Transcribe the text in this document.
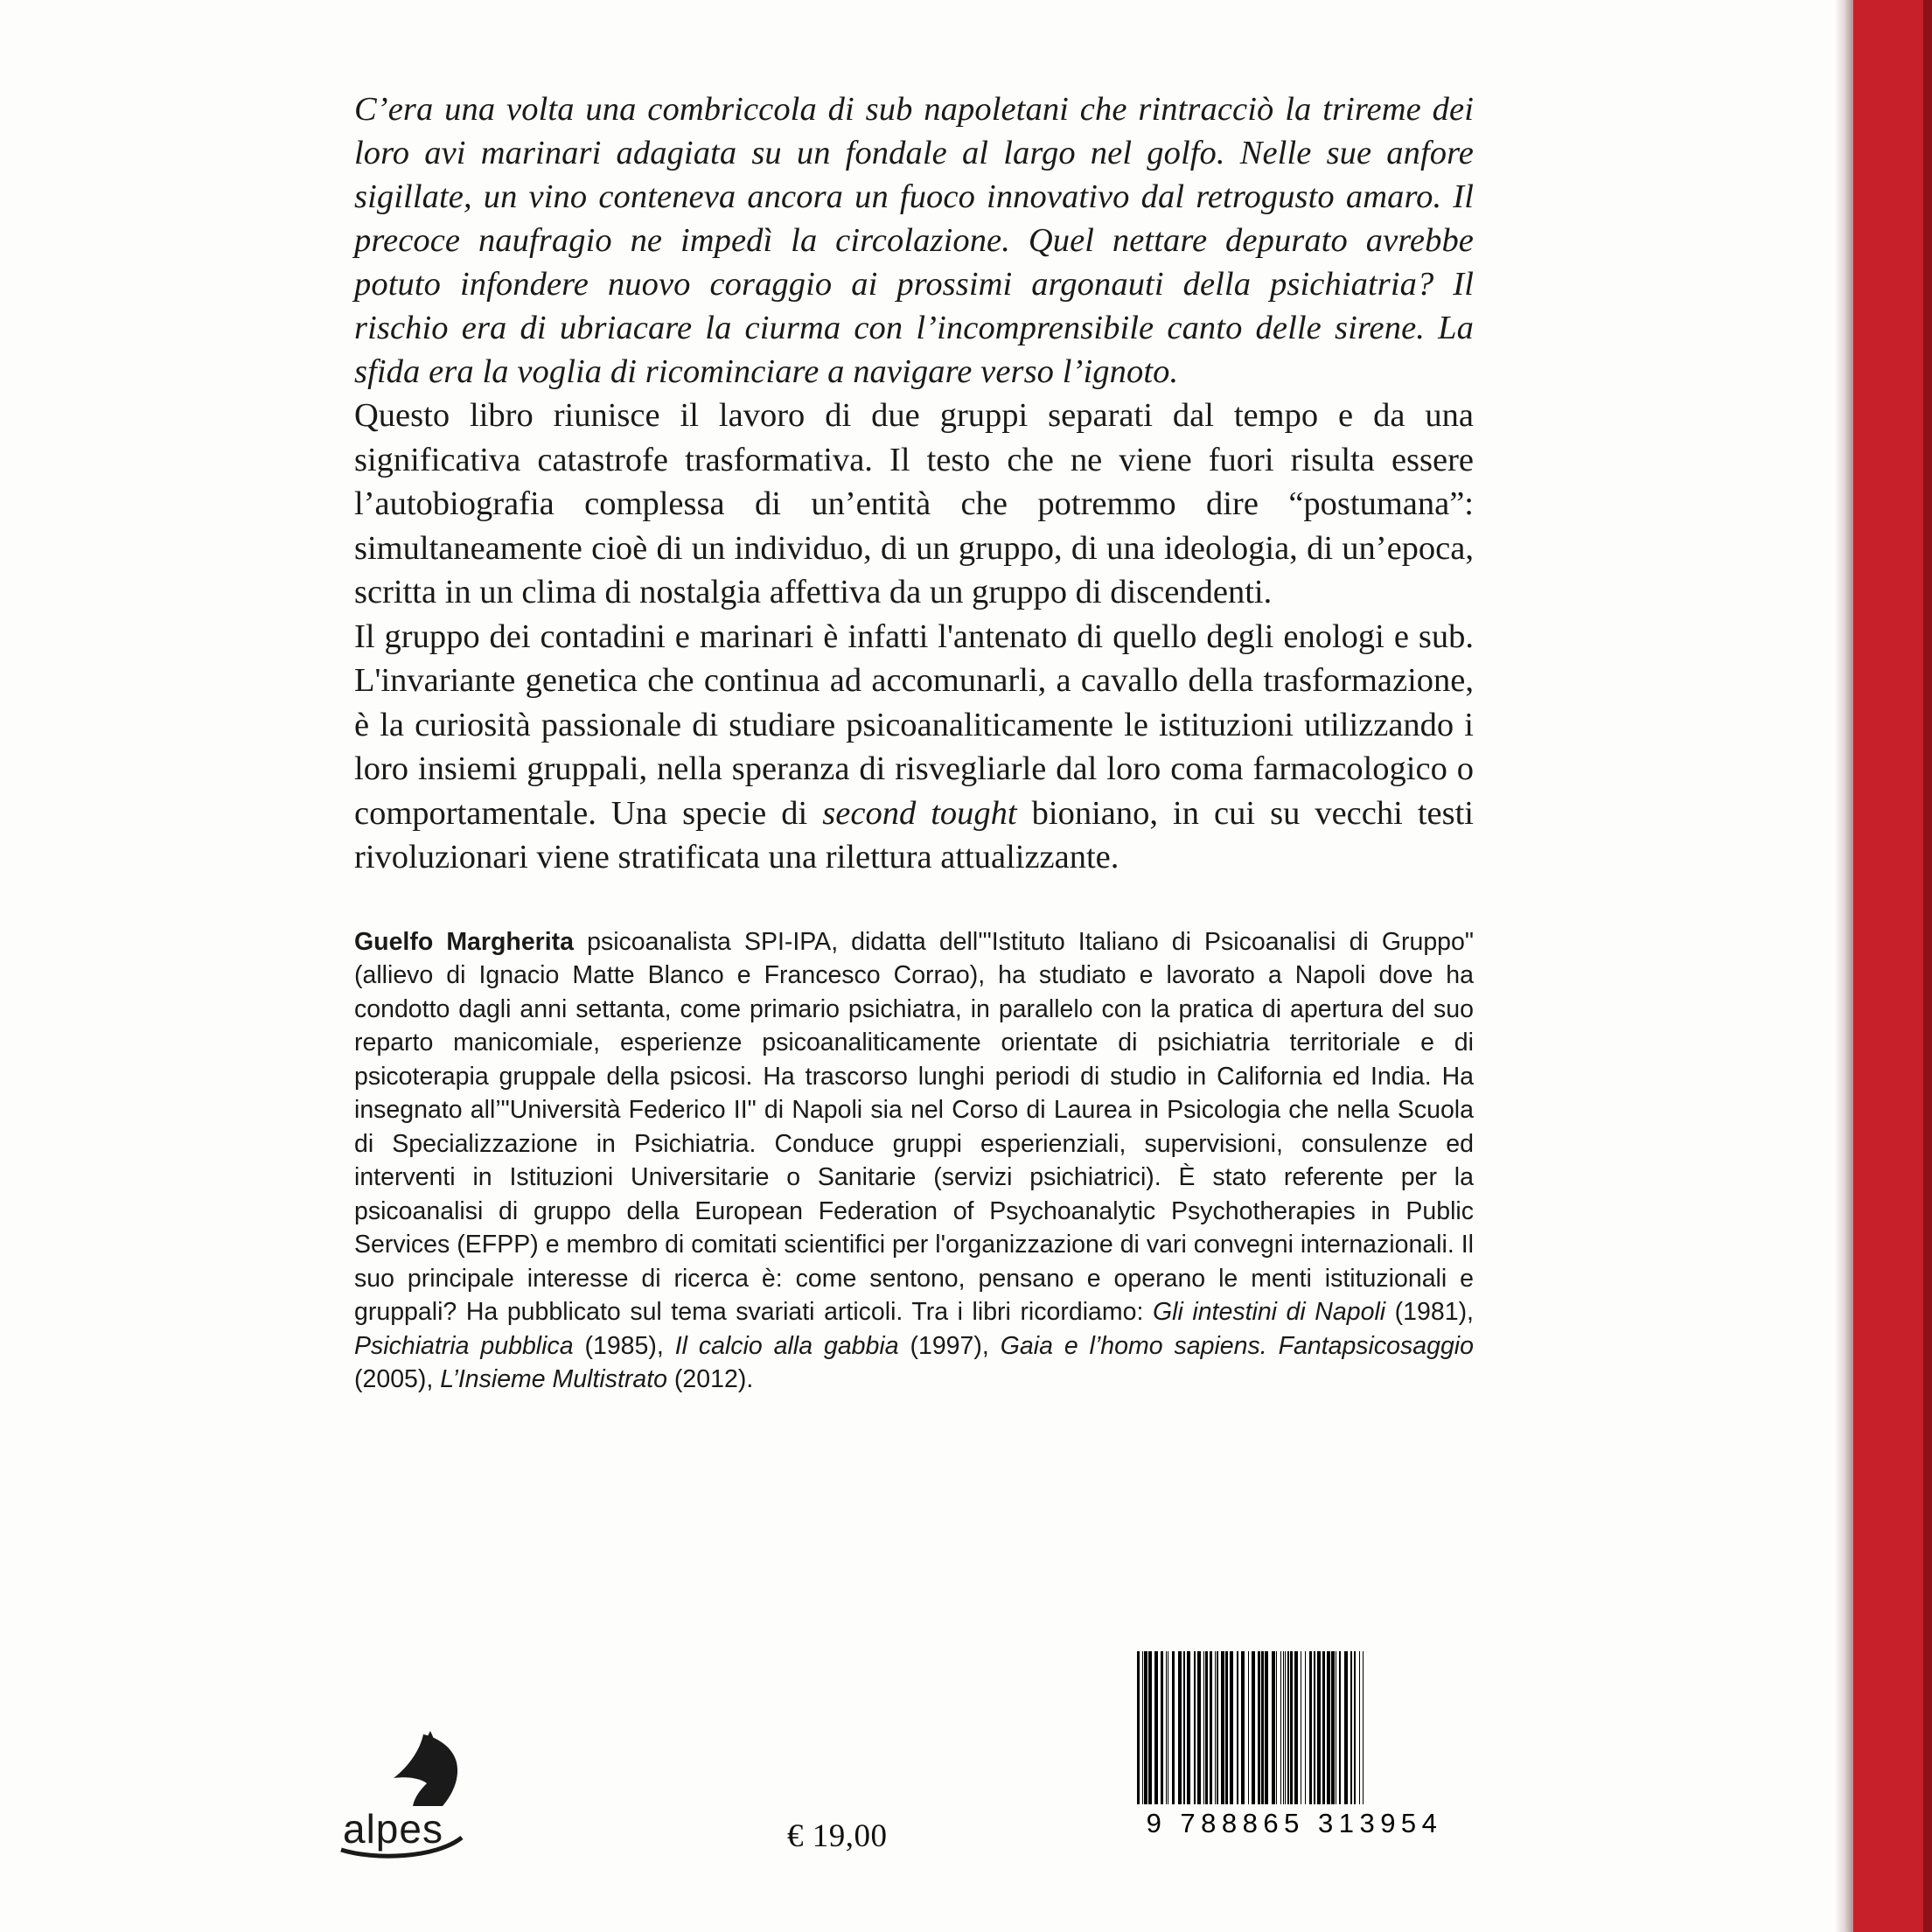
C’era una volta una combriccola di sub napoletani che rintracciò la trireme dei loro avi marinari adagiata su un fondale al largo nel golfo. Nelle sue anfore sigillate, un vino conteneva ancora un fuoco innovativo dal retrogusto amaro. Il precoce naufragio ne impedì la circolazione. Quel nettare depurato avrebbe potuto infondere nuovo coraggio ai prossimi argonauti della psichiatria? Il rischio era di ubriacare la ciurma con l’incomprensibile canto delle sirene. La sfida era la voglia di ricominciare a navigare verso l’ignoto.

Questo libro riunisce il lavoro di due gruppi separati dal tempo e da una significativa catastrofe trasformativa. Il testo che ne viene fuori risulta essere l’autobiografia complessa di un’entità che potremmo dire “postumana”: simultaneamente cioè di un individuo, di un gruppo, di una ideologia, di un’epoca, scritta in un clima di nostalgia affettiva da un gruppo di discendenti.

Il gruppo dei contadini e marinari è infatti l'antenato di quello degli enologi e sub. L'invariante genetica che continua ad accomunarli, a cavallo della trasformazione, è la curiosità passionale di studiare psicoanaliticamente le istituzioni utilizzando i loro insiemi gruppali, nella speranza di risvegliarle dal loro coma farmacologico o comportamentale. Una specie di second tought bioniano, in cui su vecchi testi rivoluzionari viene stratificata una rilettura attualizzante.

Guelfo Margherita psicoanalista SPI-IPA, didatta dell'"Istituto Italiano di Psicoanalisi di Gruppo" (allievo di Ignacio Matte Blanco e Francesco Corrao), ha studiato e lavorato a Napoli dove ha condotto dagli anni settanta, come primario psichiatra, in parallelo con la pratica di apertura del suo reparto manicomiale, esperienze psicoanaliticamente orientate di psichiatria territoriale e di psicoterapia gruppale della psicosi. Ha trascorso lunghi periodi di studio in California ed India. Ha insegnato all’"Università Federico II" di Napoli sia nel Corso di Laurea in Psicologia che nella Scuola di Specializzazione in Psichiatria. Conduce gruppi esperienziali, supervisioni, consulenze ed interventi in Istituzioni Universitarie o Sanitarie (servizi psichiatrici). È stato referente per la psicoanalisi di gruppo della European Federation of Psychoanalytic Psychotherapies in Public Services (EFPP) e membro di comitati scientifici per l'organizzazione di vari convegni internazionali. Il suo principale interesse di ricerca è: come sentono, pensano e operano le menti istituzionali e gruppali? Ha pubblicato sul tema svariati articoli. Tra i libri ricordiamo: Gli intestini di Napoli (1981), Psichiatria pubblica (1985), Il calcio alla gabbia (1997), Gaia e l’homo sapiens. Fantapsicosaggio (2005), L’Insieme Multistrato (2012).

alpes	€ 19,00	9 788865 313954
